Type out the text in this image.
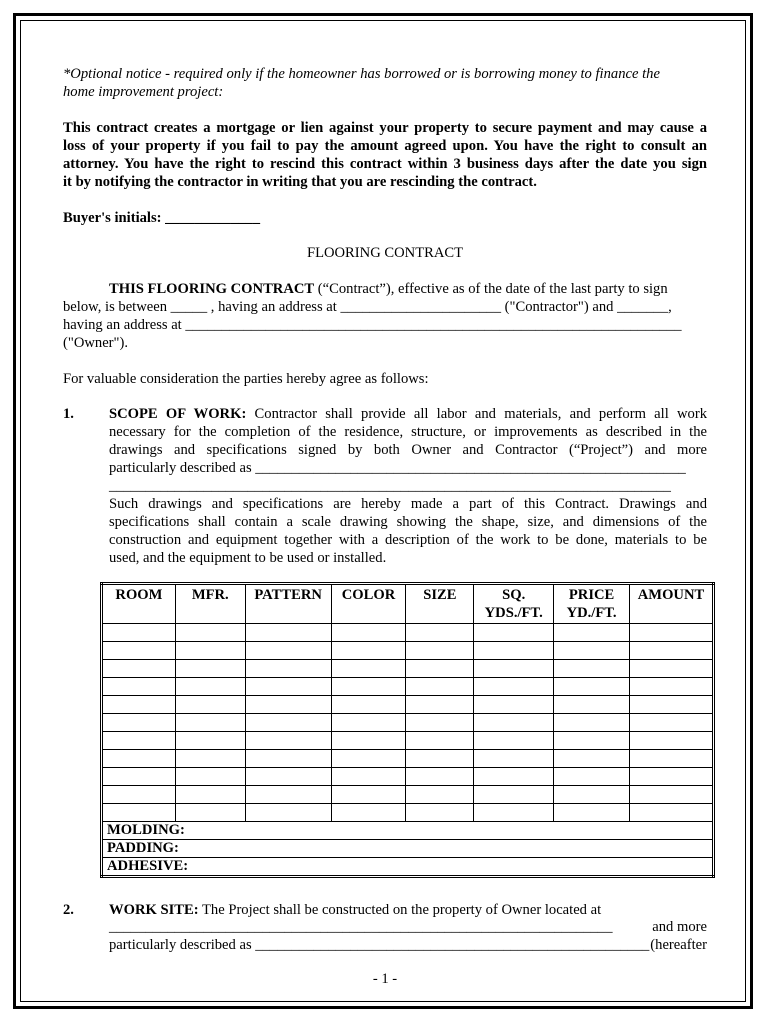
*Optional notice - required only if the homeowner has borrowed or is borrowing money to finance the
home improvement project:
This contract creates a mortgage or lien against your property to secure payment and may cause a
loss of your property if you fail to pay the amount agreed upon. You have the right to consult an
attorney. You have the right to rescind this contract within 3 business days after the date you sign
it by notifying the contractor in writing that you are rescinding the contract.
Buyer's initials: _____________
FLOORING CONTRACT
THIS FLOORING CONTRACT (“Contract”), effective as of the date of the last party to sign
below, is between _____ , having an address at ______________________ ("Contractor") and _______,
having an address at ____________________________________________________________________
("Owner").
For valuable consideration the parties hereby agree as follows:
1. SCOPE OF WORK: Contractor shall provide all labor and materials, and perform all work
necessary for the completion of the residence, structure, or improvements as described in the
drawings and specifications signed by both Owner and Contractor (“Project”) and more
particularly described as ___________________________________________________________
_____________________________________________________________________________
Such drawings and specifications are hereby made a part of this Contract. Drawings and
specifications shall contain a scale drawing showing the shape, size, and dimensions of the
construction and equipment together with a description of the work to be done, materials to be
used, and the equipment to be used or installed.
ROOM	MFR.	PATTERN	COLOR	SIZE	SQ. YDS./FT.	PRICE YD./FT.	AMOUNT

MOLDING:							
PADDING:							
ADHESIVE:							
2. WORK SITE: The Project shall be constructed on the property of Owner located at
_____________________________________________________________________	and more
particularly described as ______________________________________________________ (hereafter
- 1 -
